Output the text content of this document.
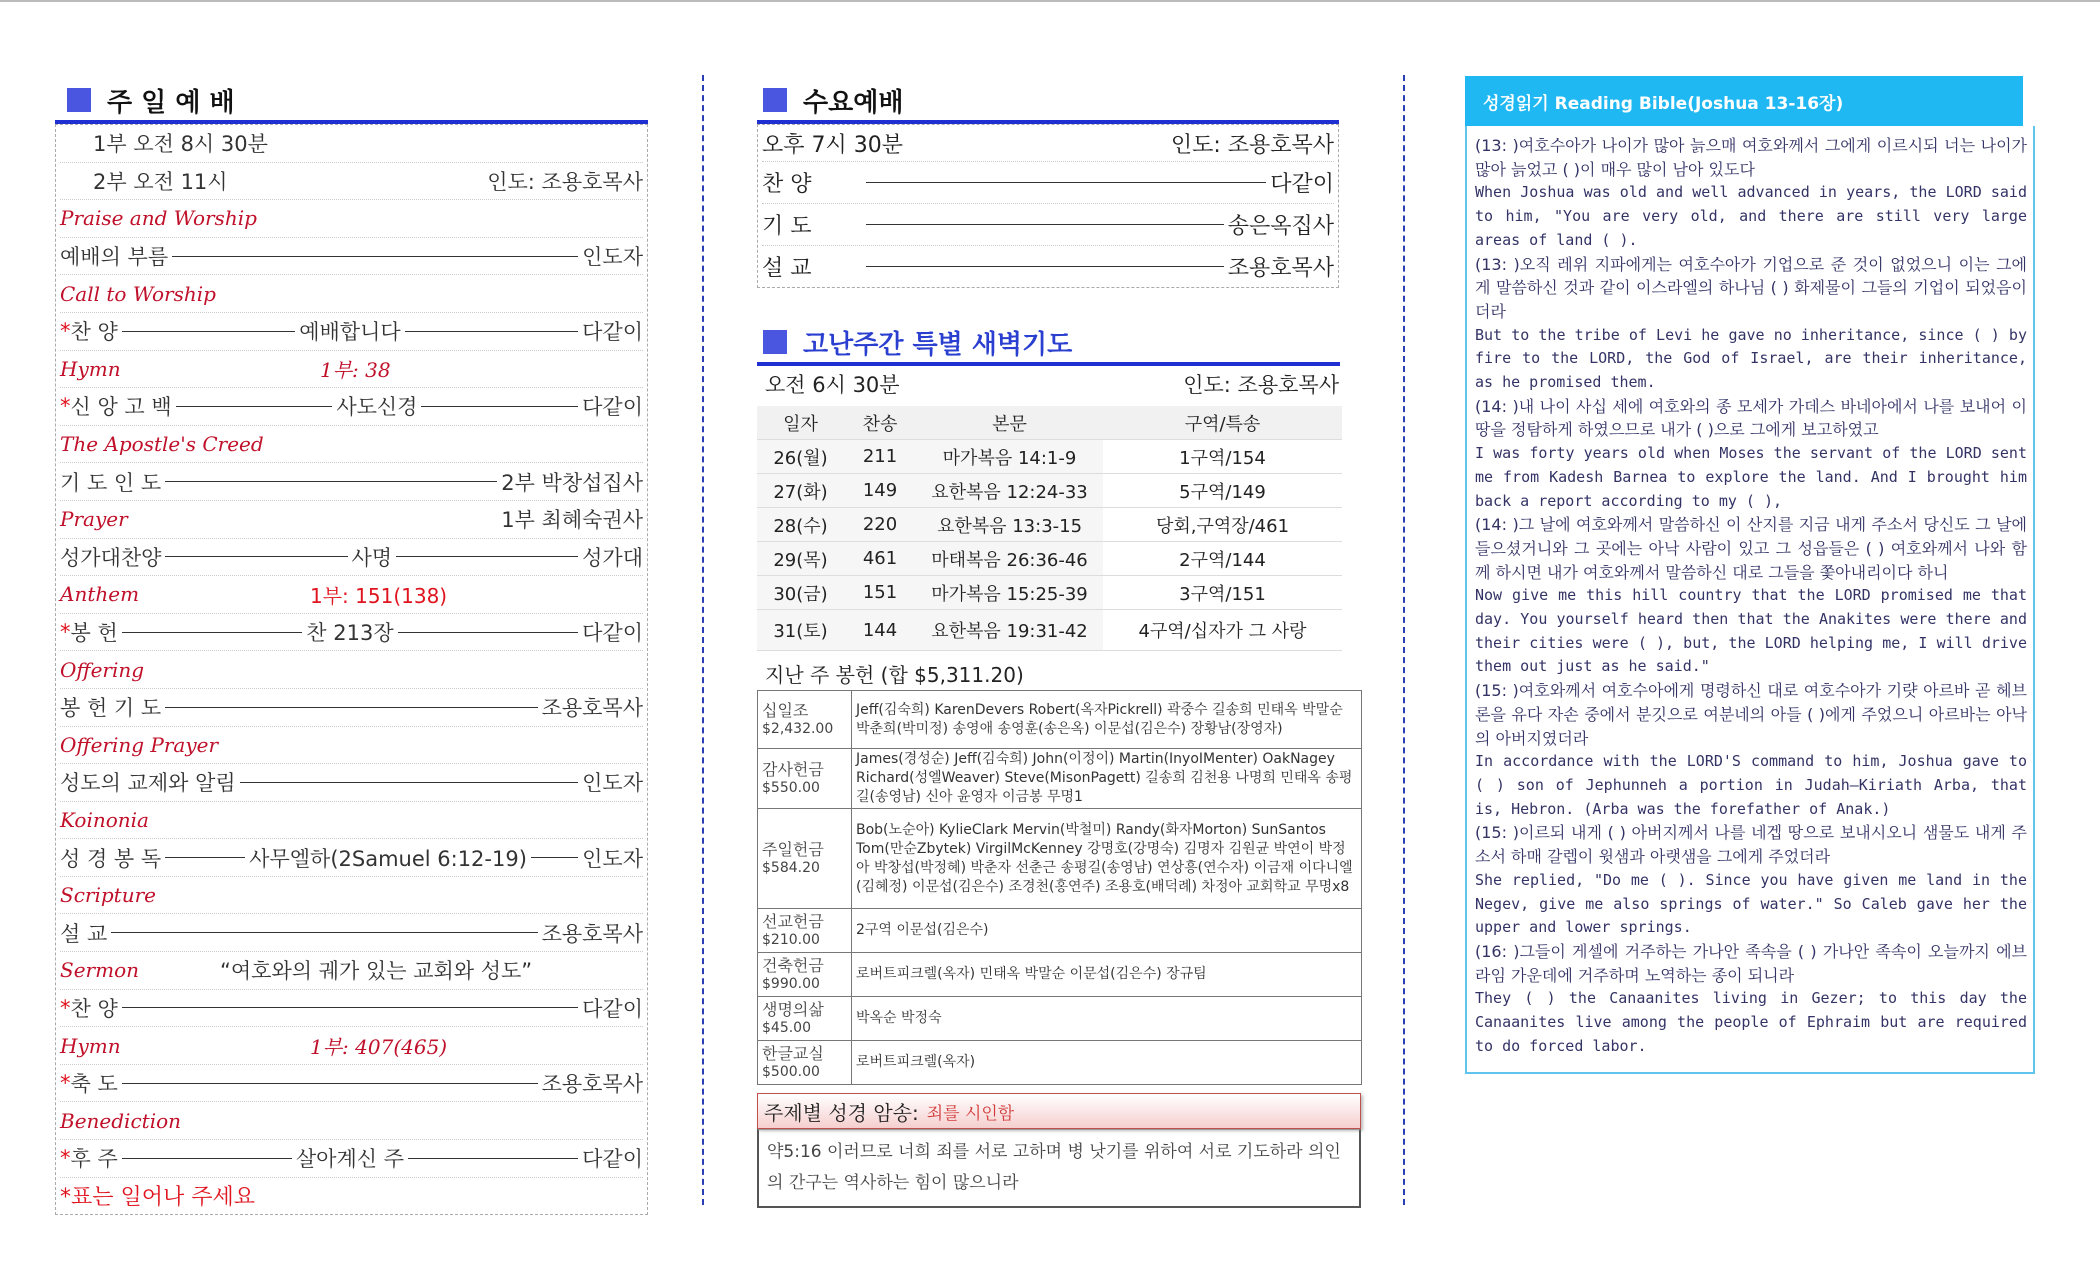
주 일 예 배
1부 오전 8시 30분
2부 오전 11시	인도: 조용호목사
Praise and Worship
예배의 부름	인도자
Call to Worship
* 찬 양	예배합니다	다같이
Hymn	1부: 38
* 신 앙 고 백	사도신경	다같이
The Apostle's Creed
기 도 인 도	2부 박창섭집사
Prayer	1부 최혜숙권사
성가대찬양	사명	성가대
Anthem	1부: 151(138)
* 봉 헌	찬 213장	다같이
Offering
봉 헌 기 도	조용호목사
Offering Prayer
성도의 교제와 알림	인도자
Koinonia
성 경 봉 독	사무엘하(2Samuel 6:12-19)	인도자
Scripture
설 교	조용호목사
Sermon	“여호와의 궤가 있는 교회와 성도”
* 찬 양	다같이
Hymn	1부: 407(465)
* 축 도	조용호목사
Benediction
* 후 주	살아계신 주	다같이
*표는 일어나 주세요
수요예배
오후 7시 30분	인도: 조용호목사
찬 양	다같이
기 도	송은옥집사
설 교	조용호목사
고난주간 특별 새벽기도
오전 6시 30분	인도: 조용호목사
일자	찬송	본문	구역/특송
26(월)	211	마가복음 14:1-9	1구역/154
27(화)	149	요한복음 12:24-33	5구역/149
28(수)	220	요한복음 13:3-15	당회,구역장/461
29(목)	461	마태복음 26:36-46	2구역/144
30(금)	151	마가복음 15:25-39	3구역/151
31(토)	144	요한복음 19:31-42	4구역/십자가 그 사랑
지난 주 봉헌 (합 $5,311.20)
십일조
$2,432.00	Jeff(김숙희) KarenDevers Robert(옥자Pickrell) 곽중수 길송희 민태옥 박말순 박춘희(박미정) 송영애 송영훈(송은옥) 이문섭(김은수) 장황남(장영자)

감사헌금
$550.00	James(경성순) Jeff(김숙희) John(이정이) Martin(InyoIMenter) OakNagey Richard(성엘Weaver) Steve(MisonPagett) 길송희 김천용 나명희 민태옥 송평길(송영남) 신아 윤영자 이금봉 무명1

주일헌금
$584.20	Bob(노순아) KylieClark Mervin(박철미) Randy(화자Morton) SunSantos Tom(만순Zbytek) VirgilMcKenney 강명호(강명숙) 김명자 김원균 박연이 박정아 박창섭(박정혜) 박춘자 선춘근 송평길(송영남) 연상흥(연수자) 이금재 이다니엘(김혜정) 이문섭(김은수) 조경천(홍연주) 조용호(배덕례) 차정아 교회학교 무명x8

선교헌금
$210.00	2구역 이문섭(김은수)

건축헌금
$990.00	로버트피크렐(옥자) 민태옥 박말순 이문섭(김은수) 장규팀

생명의삶
$45.00	박옥순 박정숙

한글교실
$500.00	로버트피크렐(옥자)
주제별 성경 암송: 죄를 시인함
약5:16 이러므로 너희 죄를 서로 고하며 병 낫기를 위하여 서로 기도하라 의인의 간구는 역사하는 힘이 많으니라
성경읽기 Reading Bible(Joshua 13-16장)

(13: )여호수아가 나이가 많아 늙으매 여호와께서 그에게 이르시되 너는 나이가 많아 늙었고 ( )이 매우 많이 남아 있도다

When Joshua was old and well advanced in years, the LORD said to him, "You are very old, and there are still very large areas of land ( ).

(13: )오직 레위 지파에게는 여호수아가 기업으로 준 것이 없었으니 이는 그에게 말씀하신 것과 같이 이스라엘의 하나님 ( ) 화제물이 그들의 기업이 되었음이더라

But to the tribe of Levi he gave no inheritance, since ( ) by fire to the LORD, the God of Israel, are their inheritance, as he promised them.

(14: )내 나이 사십 세에 여호와의 종 모세가 가데스 바네아에서 나를 보내어 이 땅을 정탐하게 하였으므로 내가 ( )으로 그에게 보고하였고

I was forty years old when Moses the servant of the LORD sent me from Kadesh Barnea to explore the land. And I brought him back a report according to my ( ),

(14: )그 날에 여호와께서 말씀하신 이 산지를 지금 내게 주소서 당신도 그 날에 들으셨거니와 그 곳에는 아낙 사람이 있고 그 성읍들은 ( ) 여호와께서 나와 함께 하시면 내가 여호와께서 말씀하신 대로 그들을 쫓아내리이다 하니

Now give me this hill country that the LORD promised me that day. You yourself heard then that the Anakites were there and their cities were ( ), but, the LORD helping me, I will drive them out just as he said."

(15: )여호와께서 여호수아에게 명령하신 대로 여호수아가 기럇 아르바 곧 헤브론을 유다 자손 중에서 분깃으로 여분네의 아들 ( )에게 주었으니 아르바는 아낙의 아버지였더라

In accordance with the LORD'S command to him, Joshua gave to ( ) son of Jephunneh a portion in Judah—Kiriath Arba, that is, Hebron. (Arba was the forefather of Anak.)

(15: )이르되 내게 ( ) 아버지께서 나를 네겝 땅으로 보내시오니 샘물도 내게 주소서 하매 갈렙이 윗샘과 아랫샘을 그에게 주었더라

She replied, "Do me ( ). Since you have given me land in the Negev, give me also springs of water." So Caleb gave her the upper and lower springs.

(16: )그들이 게셀에 거주하는 가나안 족속을 ( ) 가나안 족속이 오늘까지 에브라임 가운데에 거주하며 노역하는 종이 되니라

They ( ) the Canaanites living in Gezer; to this day the Canaanites live among the people of Ephraim but are required to do forced labor.
